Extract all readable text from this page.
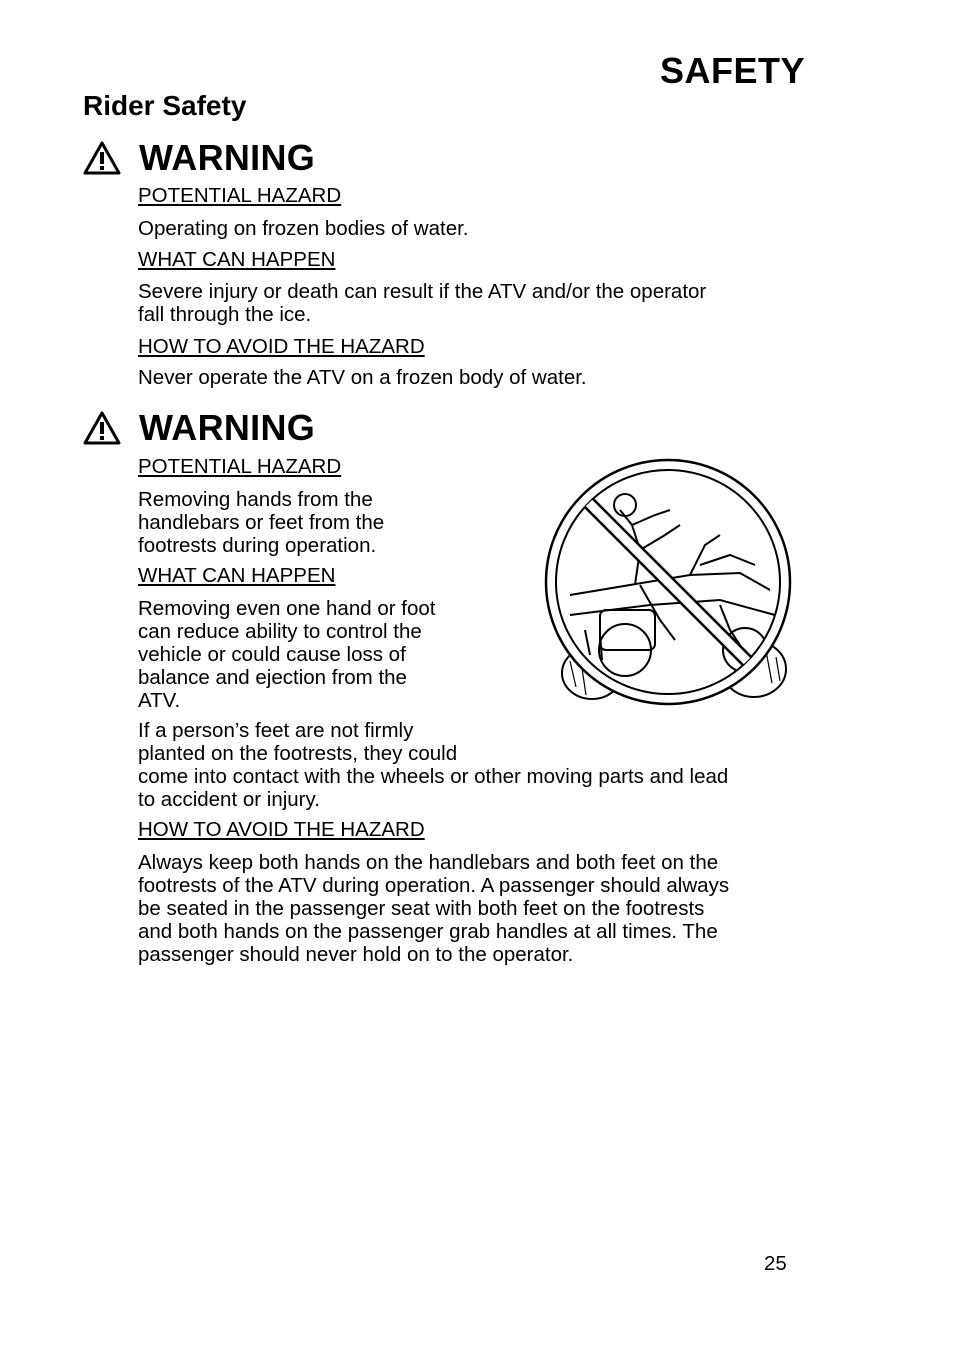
SAFETY
Rider Safety
WARNING
POTENTIAL HAZARD
Operating on frozen bodies of water.
WHAT CAN HAPPEN
Severe injury or death can result if the ATV and/or the operator
fall through the ice.
HOW TO AVOID THE HAZARD
Never operate the ATV on a frozen body of water.
WARNING
POTENTIAL HAZARD
Removing hands from the
handlebars or feet from the
footrests during operation.
WHAT CAN HAPPEN
Removing even one hand or foot
can reduce ability to control the
vehicle or could cause loss of
balance and ejection from the
ATV.
If a person’s feet are not firmly
planted on the footrests, they could
come into contact with the wheels or other moving parts and lead
to accident or injury.
HOW TO AVOID THE HAZARD
Always keep both hands on the handlebars and both feet on the
footrests of the ATV during operation. A passenger should always
be seated in the passenger seat with both feet on the footrests
and both hands on the passenger grab handles at all times. The
passenger should never hold on to the operator.
25
